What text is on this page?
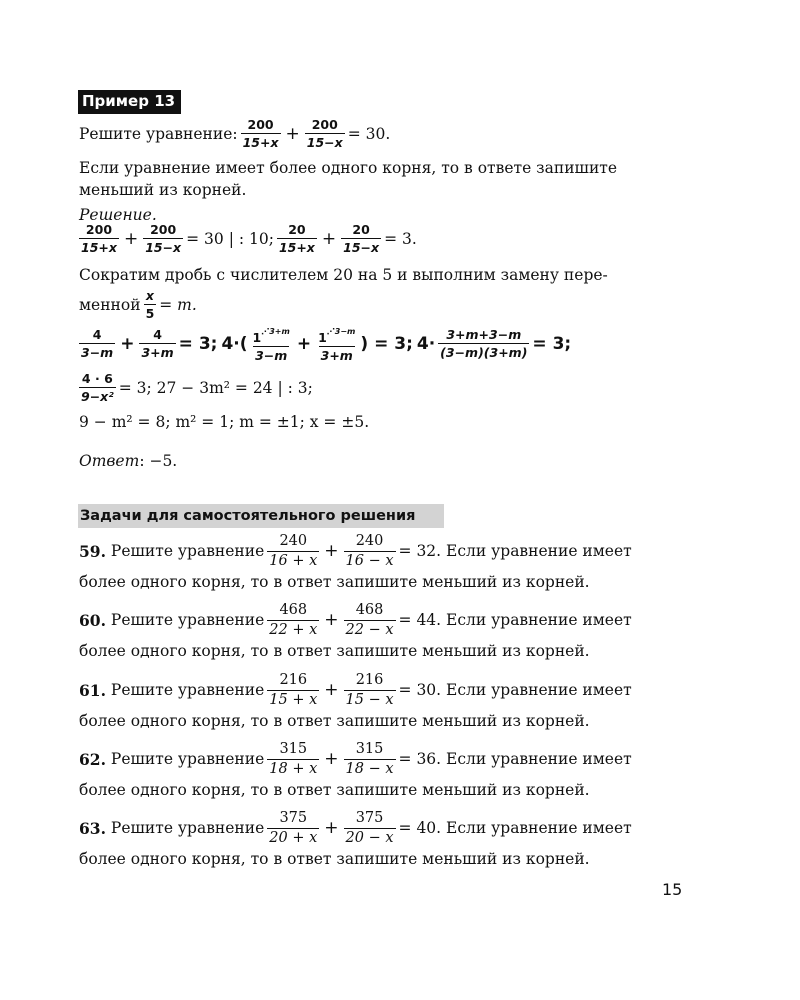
Пример 13
Решите уравнение: $\frac{200}{15+x} + \frac{200}{15-x} = 30$.
Если уравнение имеет более одного корня, то в ответе запишите
меньший из корней.
Решение.
$\frac{200}{15+x} + \frac{200}{15-x} = 30$ | : 10; $\frac{20}{15+x} + \frac{20}{15-x} = 3$.
Сократим дробь с числителем 20 на 5 и выполним замену пере-
менной $\frac{x}{5} = m$.
$\frac{4}{3-m} + \frac{4}{3+m} = 3$; $4\cdot( \frac{1^{⋰3+m}}{3-m} + \frac{1^{⋰3-m}}{3+m}$ ) = 3; $4\cdot \frac{3+m+3-m}{(3-m)(3+m)} = 3$;
$\frac{4 \cdot 6}{\text{9−x²}} = 3$; 27 − 3m² = 24 | : 3;
9 − m² = 8; m² = 1; m = ±1; x = ±5.
Ответ: −5.
Задачи для самостоятельного решения
59.
Решите уравнение $\frac{240}{16 + x} + \frac{240}{16 - x} = 32$.
Если уравнение имеет
более одного корня, то в ответ запишите меньший из корней.
60.
Решите уравнение $\frac{468}{22 + x} + \frac{468}{22 - x} = 44$.
Если уравнение имеет
более одного корня, то в ответ запишите меньший из корней.
61.
Решите уравнение $\frac{216}{15 + x} + \frac{216}{15 - x} = 30$.
Если уравнение имеет
более одного корня, то в ответ запишите меньший из корней.
62.
Решите уравнение $\frac{315}{18 + x} + \frac{315}{18 - x} = 36$.
Если уравнение имеет
более одного корня, то в ответ запишите меньший из корней.
63.
Решите уравнение $\frac{375}{20 + x} + \frac{375}{20 - x} = 40$.
Если уравнение имеет
более одного корня, то в ответ запишите меньший из корней.
15
